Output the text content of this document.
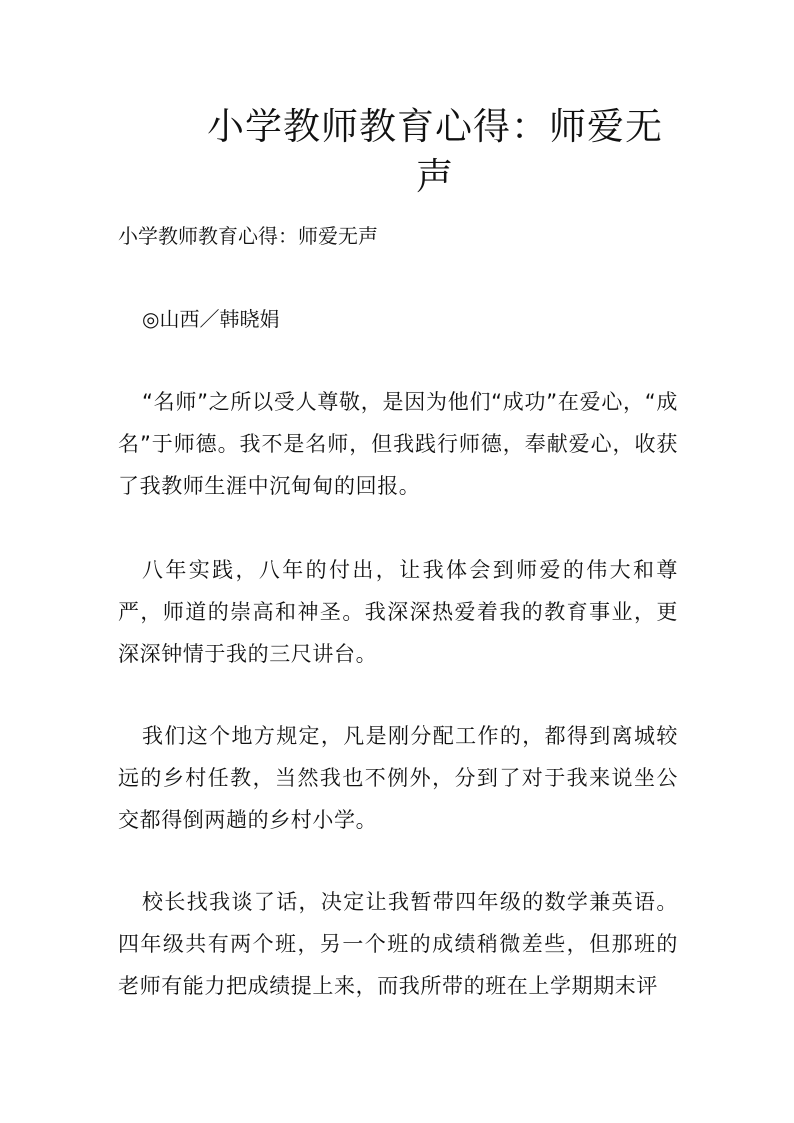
小学教师教育心得：师爱无声

小学教师教育心得：师爱无声

◎山西／韩晓娟

“名师”之所以受人尊敬，是因为他们“成功”在爱心，“成名”于师德。我不是名师，但我践行师德，奉献爱心，收获了我教师生涯中沉甸甸的回报。

八年实践，八年的付出，让我体会到师爱的伟大和尊严，师道的崇高和神圣。我深深热爱着我的教育事业，更深深钟情于我的三尺讲台。

我们这个地方规定，凡是刚分配工作的，都得到离城较远的乡村任教，当然我也不例外，分到了对于我来说坐公交都得倒两趟的乡村小学。

校长找我谈了话，决定让我暂带四年级的数学兼英语。四年级共有两个班，另一个班的成绩稍微差些，但那班的老师有能力把成绩提上来，而我所带的班在上学期期末评
